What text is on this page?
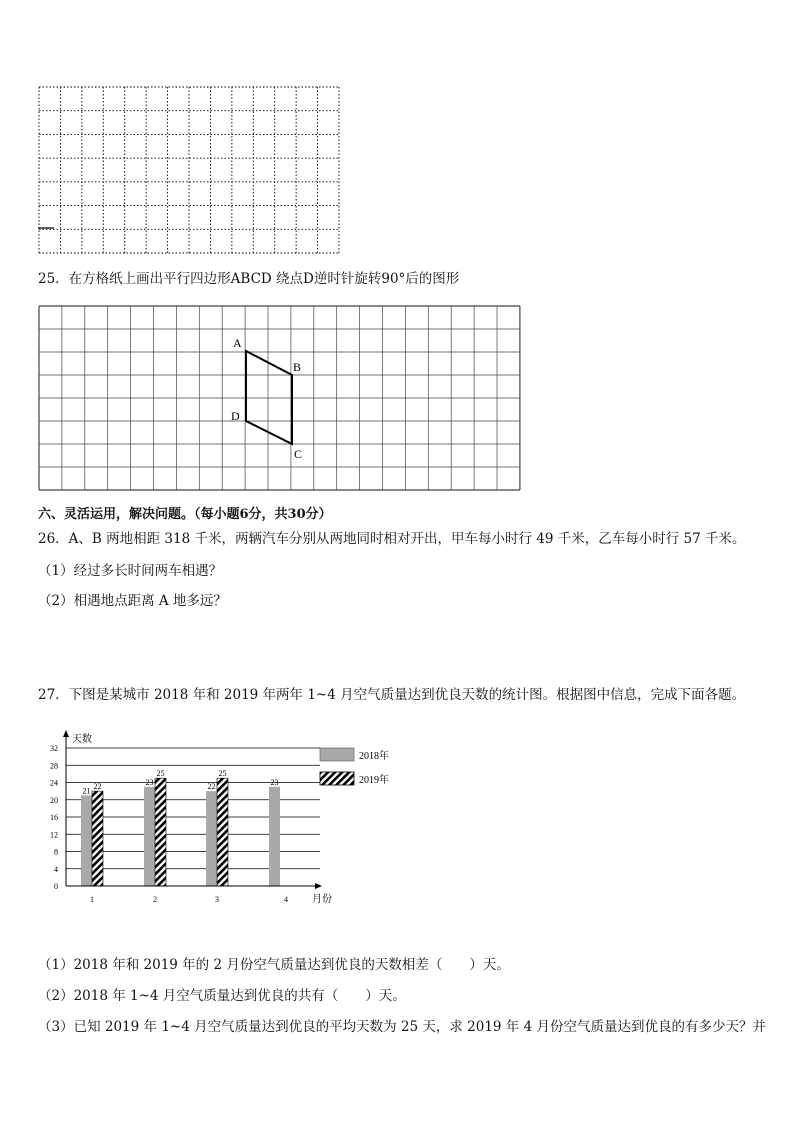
25．在方格纸上画出平行四边形ABCD 绕点D逆时针旋转90°后的图形
A
B
C
D
六、灵活运用，解决问题。（每小题6分，共30分）
26．A、B 两地相距 318 千米，两辆汽车分别从两地同时相对开出，甲车每小时行 49 千米，乙车每小时行 57 千米。
（1）经过多长时间两车相遇？
（2）相遇地点距离 A 地多远？
27．下图是某城市 2018 年和 2019 年两年 1~4 月空气质量达到优良天数的统计图。根据图中信息，完成下面各题。
0
4
8
12
16
20
24
28
32
1	2	3	4
21 22	23
25
22
25
23
天数
月份
2018年
2019年
（1）2018 年和 2019 年的 2 月份空气质量达到优良的天数相差（　　）天。
（2）2018 年 1~4 月空气质量达到优良的共有（　　）天。
（3）已知 2019 年 1~4 月空气质量达到优良的平均天数为 25 天，求 2019 年 4 月份空气质量达到优良的有多少天？并
